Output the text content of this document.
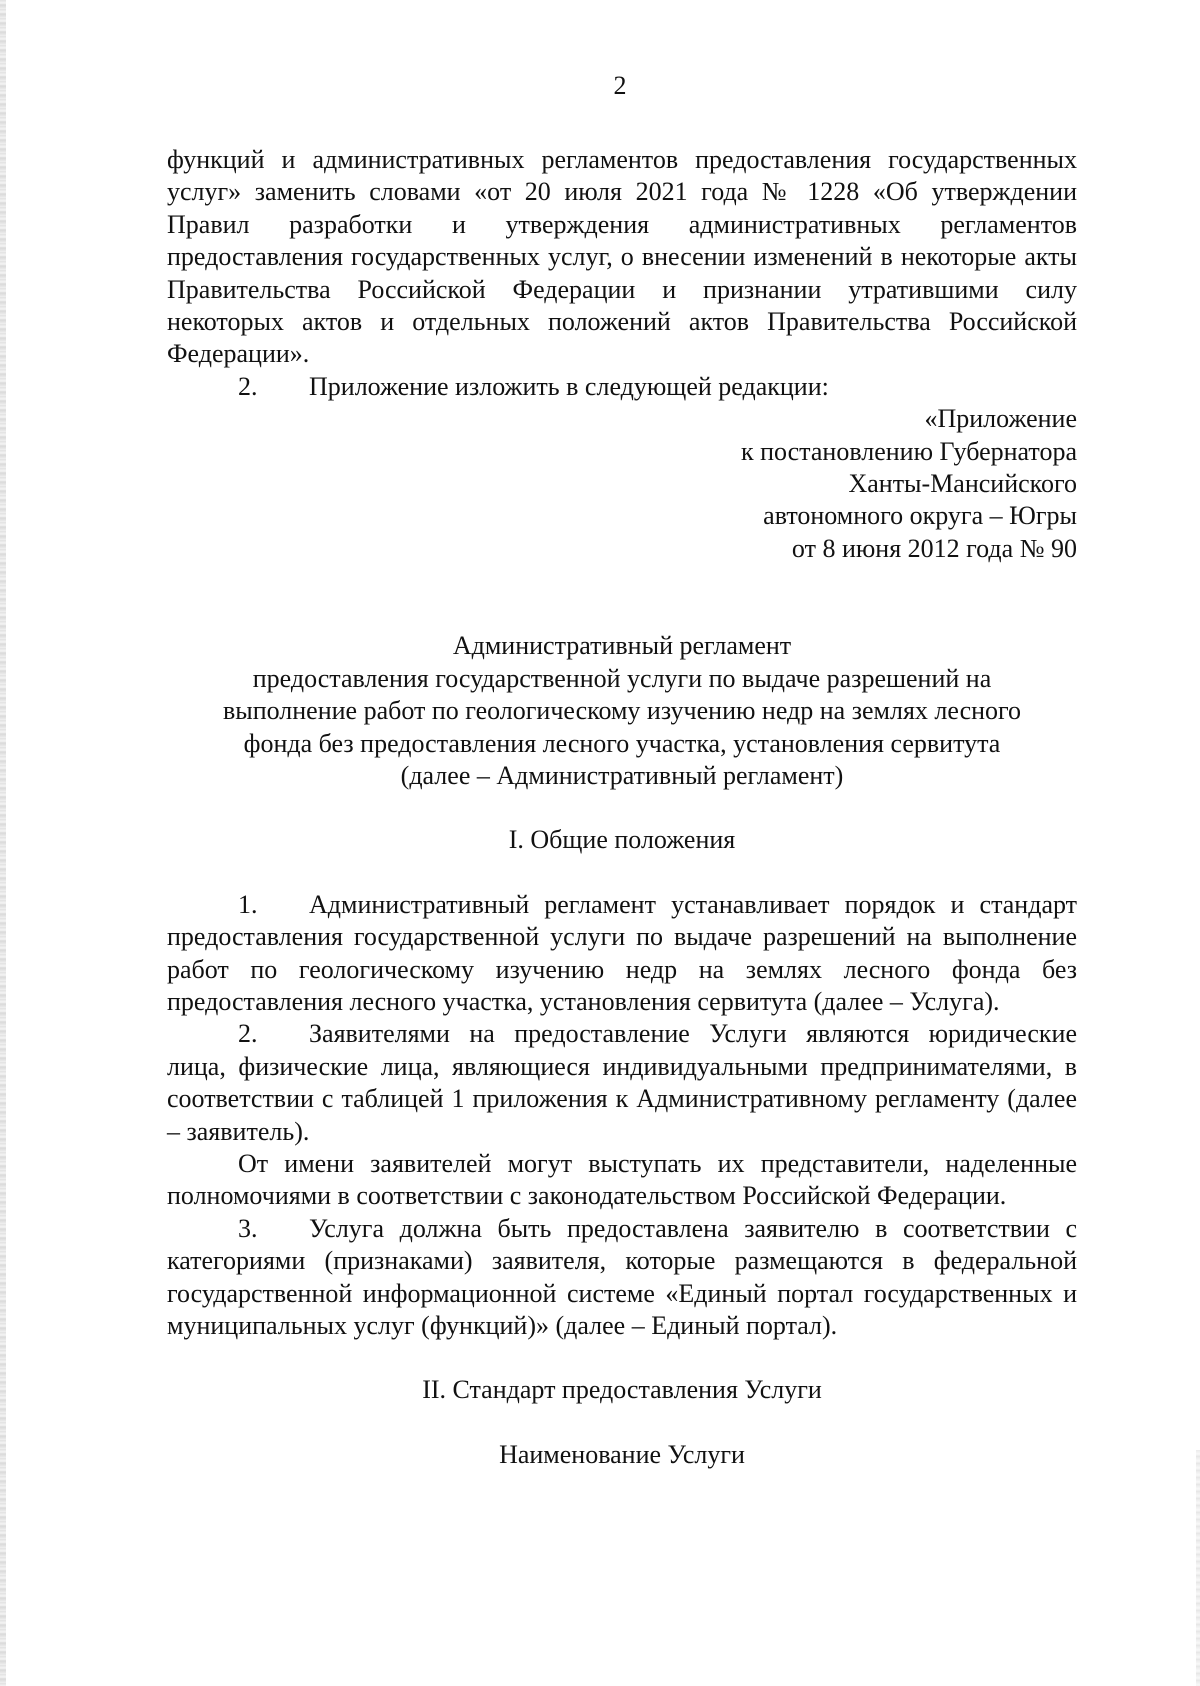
2

функций и административных регламентов предоставления государственных услуг» заменить словами «от 20 июля 2021 года № 1228 «Об утверждении Правил разработки и утверждения административных регламентов предоставления государственных услуг, о внесении изменений в некоторые акты Правительства Российской Федерации и признании утратившими силу некоторых актов и отдельных положений актов Правительства Российской Федерации».

2. Приложение изложить в следующей редакции:

«Приложение

к постановлению Губернатора

Ханты-Мансийского

автономного округа – Югры

от 8 июня 2012 года № 90

Административный регламент

предоставления государственной услуги по выдаче разрешений на

выполнение работ по геологическому изучению недр на землях лесного

фонда без предоставления лесного участка, установления сервитута

(далее – Административный регламент)

I. Общие положения

1. Административный регламент устанавливает порядок и стандарт предоставления государственной услуги по выдаче разрешений на выполнение работ по геологическому изучению недр на землях лесного фонда без предоставления лесного участка, установления сервитута (далее – Услуга).

2. Заявителями на предоставление Услуги являются юридические лица, физические лица, являющиеся индивидуальными предпринимателями, в соответствии с таблицей 1 приложения к Административному регламенту (далее – заявитель).

От имени заявителей могут выступать их представители, наделенные полномочиями в соответствии с законодательством Российской Федерации.

3. Услуга должна быть предоставлена заявителю в соответствии с категориями (признаками) заявителя, которые размещаются в федеральной государственной информационной системе «Единый портал государственных и муниципальных услуг (функций)» (далее – Единый портал).

II. Стандарт предоставления Услуги

Наименование Услуги
